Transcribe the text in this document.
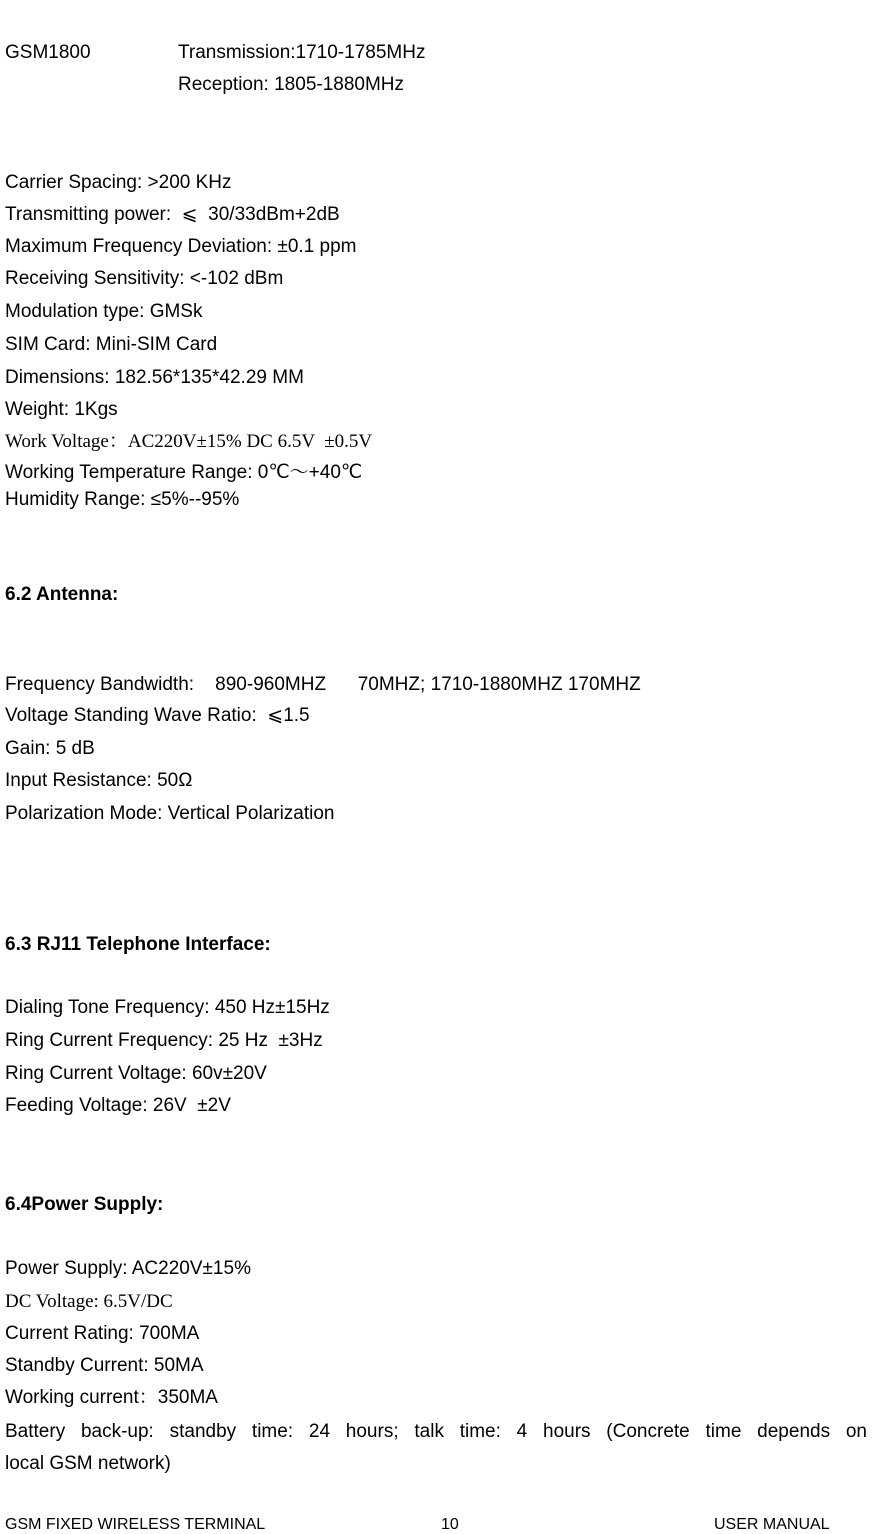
GSM1800	Transmission:1710-1785MHz
Reception: 1805-1880MHz
Carrier Spacing: >200 KHz
Transmitting power:  ⩽  30/33dBm+2dB
Maximum Frequency Deviation: ±0.1 ppm
Receiving Sensitivity: <-102 dBm
Modulation type: GMSk
SIM Card: Mini-SIM Card
Dimensions: 182.56*135*42.29 MM
Weight: 1Kgs
Work Voltage：AC220V±15% DC 6.5V  ±0.5V
Working Temperature Range: 0℃～+40℃
Humidity Range: ≤5%--95%
6.2 Antenna:
Frequency Bandwidth:    890-960MHZ      70MHZ; 1710-1880MHZ 170MHZ
Voltage Standing Wave Ratio:  ⩽1.5
Gain: 5 dB
Input Resistance: 50Ω
Polarization Mode: Vertical Polarization
6.3 RJ11 Telephone Interface:
Dialing Tone Frequency: 450 Hz±15Hz
Ring Current Frequency: 25 Hz  ±3Hz
Ring Current Voltage: 60v±20V
Feeding Voltage: 26V  ±2V
6.4Power Supply:
Power Supply: AC220V±15%
DC Voltage: 6.5V/DC
Current Rating: 700MA
Standby Current: 50MA
Working current：350MA
Battery back-up: standby time: 24 hours; talk time: 4 hours (Concrete time depends on
local GSM network)
GSM FIXED WIRELESS TERMINAL	10	USER MANUAL
